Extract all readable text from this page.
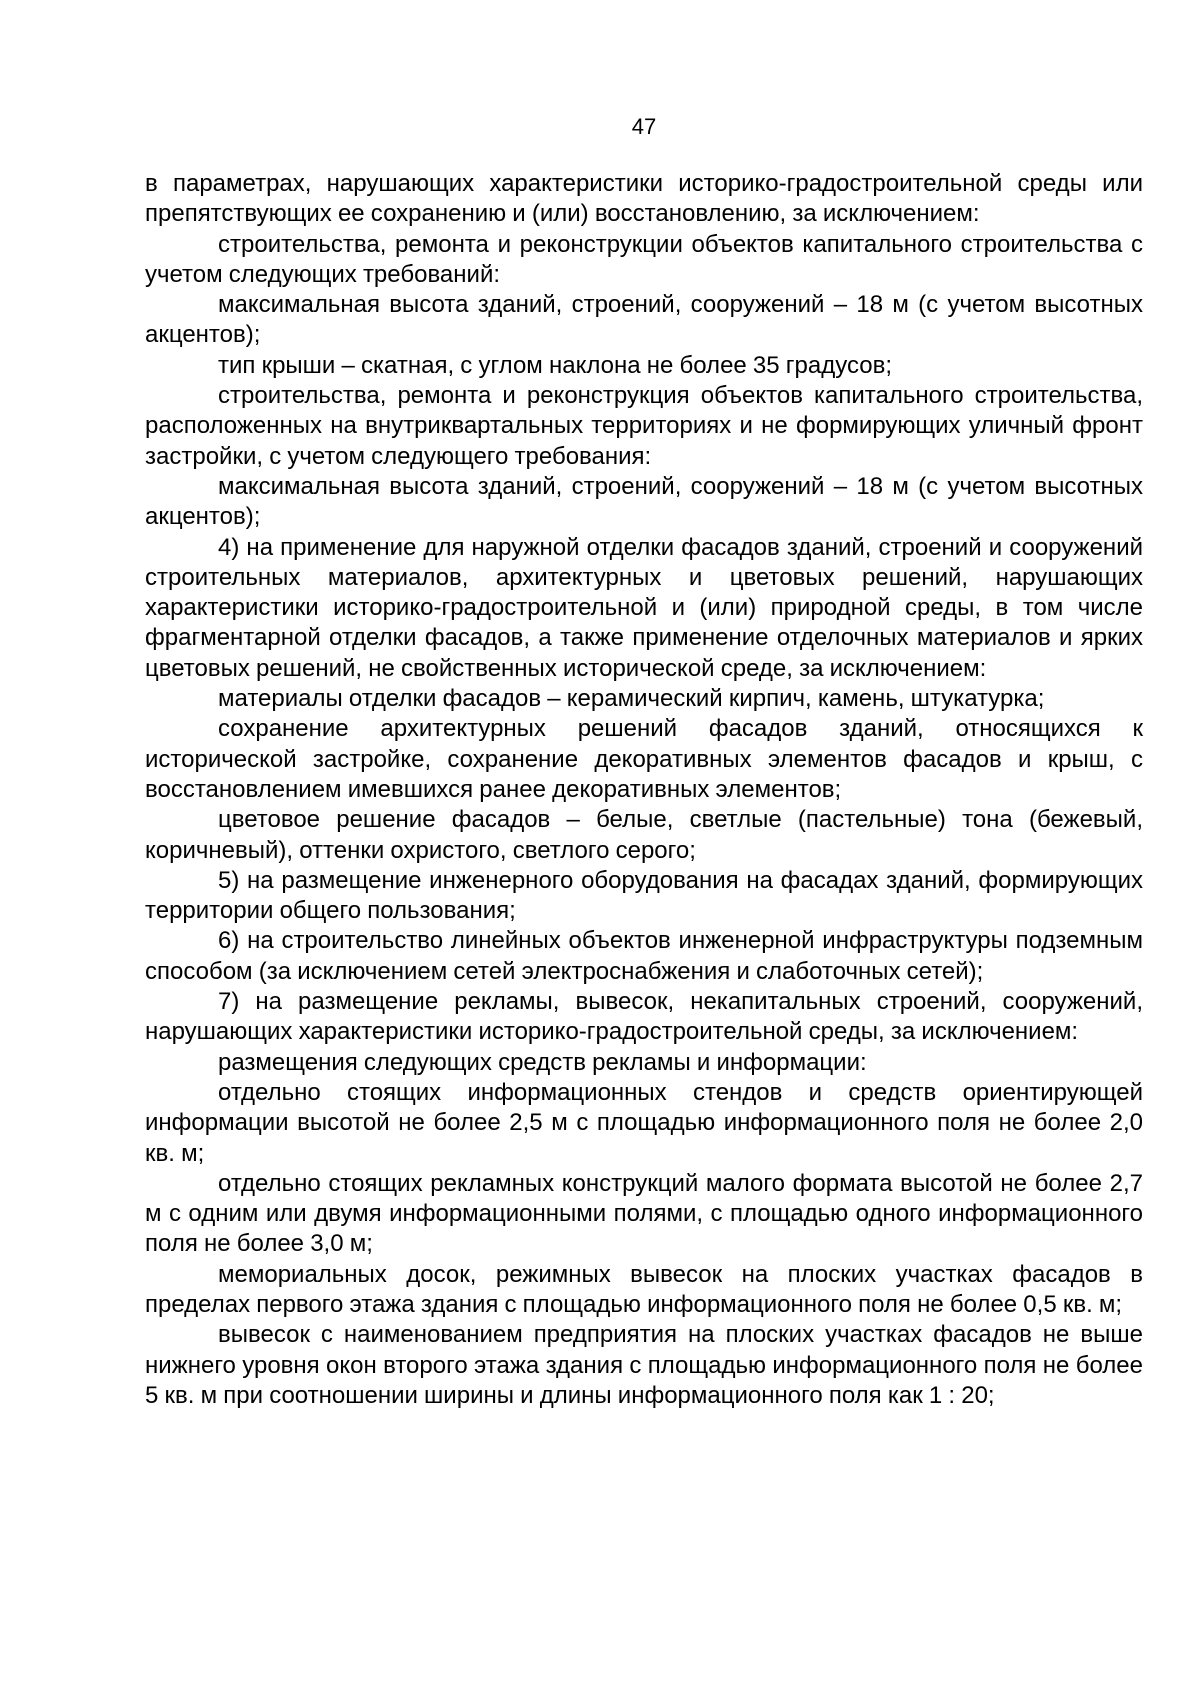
47

в параметрах, нарушающих характеристики историко-градостроительной среды или препятствующих ее сохранению и (или) восстановлению, за исключением:

строительства, ремонта и реконструкции объектов капитального строительства с учетом следующих требований:

максимальная высота зданий, строений, сооружений – 18 м (с учетом высотных акцентов);

тип крыши – скатная, с углом наклона не более 35 градусов;

строительства, ремонта и реконструкция объектов капитального строительства, расположенных на внутриквартальных территориях и не формирующих уличный фронт застройки, с учетом следующего требования:

максимальная высота зданий, строений, сооружений – 18 м (с учетом высотных акцентов);

4) на применение для наружной отделки фасадов зданий, строений и сооружений строительных материалов, архитектурных и цветовых решений, нарушающих характеристики историко-градостроительной и (или) природной среды, в том числе фрагментарной отделки фасадов, а также применение отделочных материалов и ярких цветовых решений, не свойственных исторической среде, за исключением:

материалы отделки фасадов – керамический кирпич, камень, штукатурка;

сохранение архитектурных решений фасадов зданий, относящихся к исторической застройке, сохранение декоративных элементов фасадов и крыш, с восстановлением имевшихся ранее декоративных элементов;

цветовое решение фасадов – белые, светлые (пастельные) тона (бежевый, коричневый), оттенки охристого, светлого серого;

5) на размещение инженерного оборудования на фасадах зданий, формирующих территории общего пользования;

6) на строительство линейных объектов инженерной инфраструктуры подземным способом (за исключением сетей электроснабжения и слаботочных сетей);

7) на размещение рекламы, вывесок, некапитальных строений, сооружений, нарушающих характеристики историко-градостроительной среды, за исключением:

размещения следующих средств рекламы и информации:

отдельно стоящих информационных стендов и средств ориентирующей информации высотой не более 2,5 м с площадью информационного поля не более 2,0 кв. м;

отдельно стоящих рекламных конструкций малого формата высотой не более 2,7 м с одним или двумя информационными полями, с площадью одного информационного поля не более 3,0 м;

мемориальных досок, режимных вывесок на плоских участках фасадов в пределах первого этажа здания с площадью информационного поля не более 0,5 кв. м;

вывесок с наименованием предприятия на плоских участках фасадов не выше нижнего уровня окон второго этажа здания с площадью информационного поля не более 5 кв. м при соотношении ширины и длины информационного поля как 1 : 20;
